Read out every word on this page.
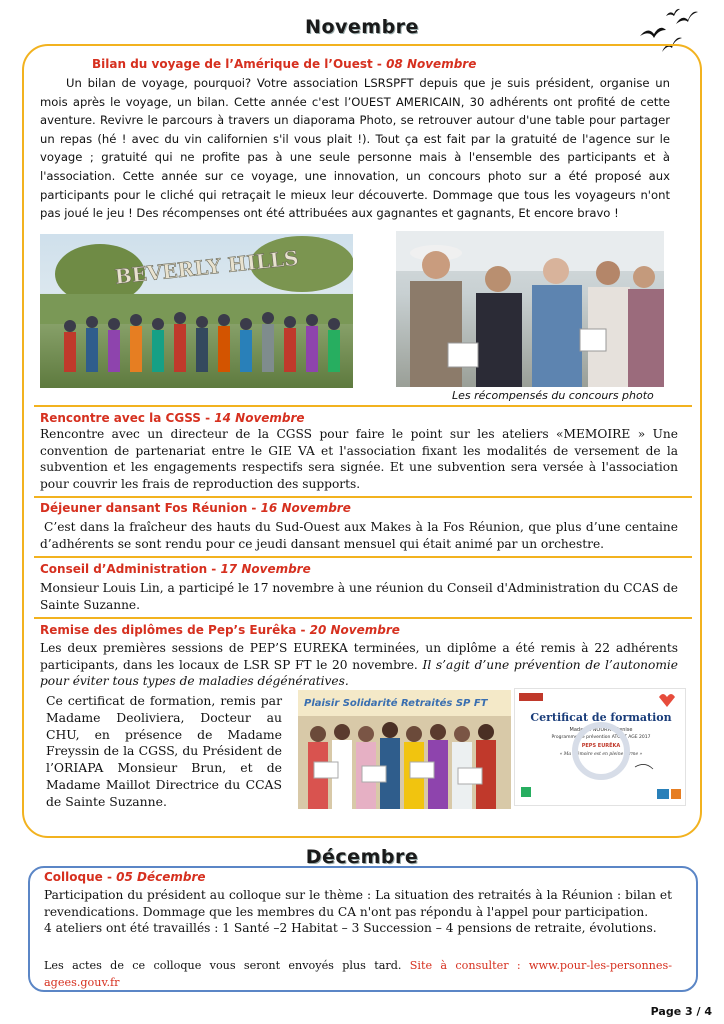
Novembre
Bilan du voyage de l’Amérique de l’Ouest - 08 Novembre

Un bilan de voyage, pourquoi? Votre association LSRSPFT depuis que je suis président, organise un mois après le voyage, un bilan. Cette année c'est l’OUEST AMERICAIN, 30 adhérents ont profité de cette aventure. Revivre le parcours à travers un diaporama Photo, se retrouver autour d'une table pour partager un repas (hé ! avec du vin californien s'il vous plait !). Tout ça est fait par la gratuité de l'agence sur le voyage ; gratuité qui ne profite pas à une seule personne mais à l'ensemble des participants et à l'association. Cette année sur ce voyage, une innovation, un concours photo sur a été proposé aux participants pour le cliché qui retraçait le mieux leur découverte. Dommage que tous les voyageurs n'ont pas joué le jeu ! Des récompenses ont été attribuées aux gagnantes et gagnants, Et encore bravo !

BEVERLY HILLS
Les récompensés du concours photo
Rencontre avec la CGSS - 14 Novembre

Rencontre avec un directeur de la CGSS pour faire le point sur les ateliers «MEMOIRE » Une convention de partenariat entre le GIE VA et l'association fixant les modalités de versement de la subvention et les engagements respectifs sera signée. Et une subvention sera versée à l'association pour couvrir les frais de reproduction des supports.

Déjeuner dansant Fos Réunion - 16 Novembre

C’est dans la fraîcheur des hauts du Sud-Ouest aux Makes à la Fos Réunion, que plus d’une centaine d’adhérents se sont rendu pour ce jeudi dansant mensuel qui était animé par un orchestre.

Conseil d’Administration - 17 Novembre

Monsieur Louis Lin, a participé le 17 novembre à une réunion du Conseil d'Administration du CCAS de Sainte Suzanne.

Remise des diplômes de Pep’s Eurêka - 20 Novembre

Les deux premières sessions de PEP’S EUREKA terminées, un diplôme a été remis à 22 adhérents participants, dans les locaux de LSR SP FT le 20 novembre. Il s’agit d’une prévention de l’autonomie pour éviter tous types de maladies dégénératives.

Ce certificat de formation, remis par Madame Deoliviera, Docteur au CHU, en présence de Madame Freyssin de la CGSS, du Président de l’ORIAPA Monsieur Brun, et de Madame Maillot Directrice du CCAS de Sainte Suzanne.

Plaisir Solidarité Retraités SP FT
Certificat de formation
Madame NOURRY Denise
Programme de prévention ATOUT AGE 2017
PEPS EURÊKA
« Ma mémoire est en pleine forme »
Décembre
Colloque - 05 Décembre

Participation du président au colloque sur le thème : La situation des retraités à la Réunion : bilan et revendications. Dommage que les membres du CA n'ont pas répondu à l'appel pour participation.

4 ateliers ont été travaillés : 1 Santé –2 Habitat – 3 Succession – 4 pensions de retraite, évolutions.

Les actes de ce colloque vous seront envoyés plus tard. Site à consulter : www.pour-les-personnes-agees.gouv.fr

Page 3 / 4
